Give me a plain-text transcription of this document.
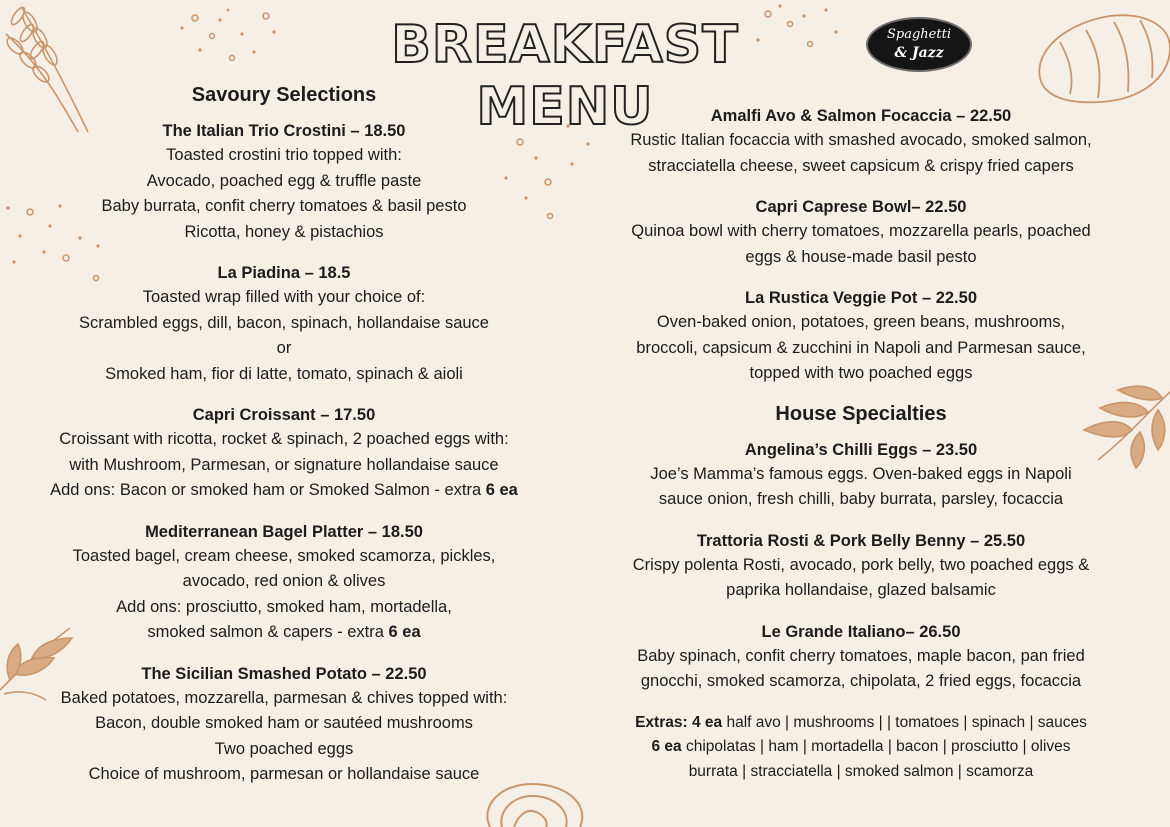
BREAKFAST MENU
Spaghetti
& Jazz
Savoury Selections
The Italian Trio Crostini – 18.50
Toasted crostini trio topped with:
Avocado, poached egg & truffle paste
Baby burrata, confit cherry tomatoes & basil pesto
Ricotta, honey & pistachios
La Piadina – 18.5
Toasted wrap filled with your choice of:
Scrambled eggs, dill, bacon, spinach, hollandaise sauce
or
Smoked ham, fior di latte, tomato, spinach & aioli
Capri Croissant – 17.50
Croissant with ricotta, rocket & spinach, 2 poached eggs with:
with Mushroom, Parmesan, or signature hollandaise sauce
Add ons: Bacon or smoked ham or Smoked Salmon - extra 6 ea
Mediterranean Bagel Platter – 18.50
Toasted bagel, cream cheese, smoked scamorza, pickles,
avocado, red onion & olives
Add ons: prosciutto, smoked ham, mortadella,
smoked salmon & capers - extra 6 ea
The Sicilian Smashed Potato – 22.50
Baked potatoes, mozzarella, parmesan & chives topped with:
Bacon, double smoked ham or sautéed mushrooms
Two poached eggs
Choice of mushroom, parmesan or hollandaise sauce
Amalfi Avo & Salmon Focaccia – 22.50
Rustic Italian focaccia with smashed avocado, smoked salmon,
stracciatella cheese, sweet capsicum & crispy fried capers
Capri Caprese Bowl– 22.50
Quinoa bowl with cherry tomatoes, mozzarella pearls, poached
eggs & house-made basil pesto
La Rustica Veggie Pot – 22.50
Oven-baked onion, potatoes, green beans, mushrooms,
broccoli, capsicum & zucchini in Napoli and Parmesan sauce,
topped with two poached eggs
House Specialties
Angelina’s Chilli Eggs – 23.50
Joe’s Mamma’s famous eggs. Oven-baked eggs in Napoli
sauce onion, fresh chilli, baby burrata, parsley, focaccia
Trattoria Rosti & Pork Belly Benny – 25.50
Crispy polenta Rosti, avocado, pork belly, two poached eggs &
paprika hollandaise, glazed balsamic
Le Grande Italiano– 26.50
Baby spinach, confit cherry tomatoes, maple bacon, pan fried
gnocchi, smoked scamorza, chipolata, 2 fried eggs, focaccia
Extras: 4 ea half avo | mushrooms | | tomatoes | spinach | sauces
6 ea chipolatas | ham | mortadella | bacon | prosciutto | olives
burrata | stracciatella | smoked salmon | scamorza
